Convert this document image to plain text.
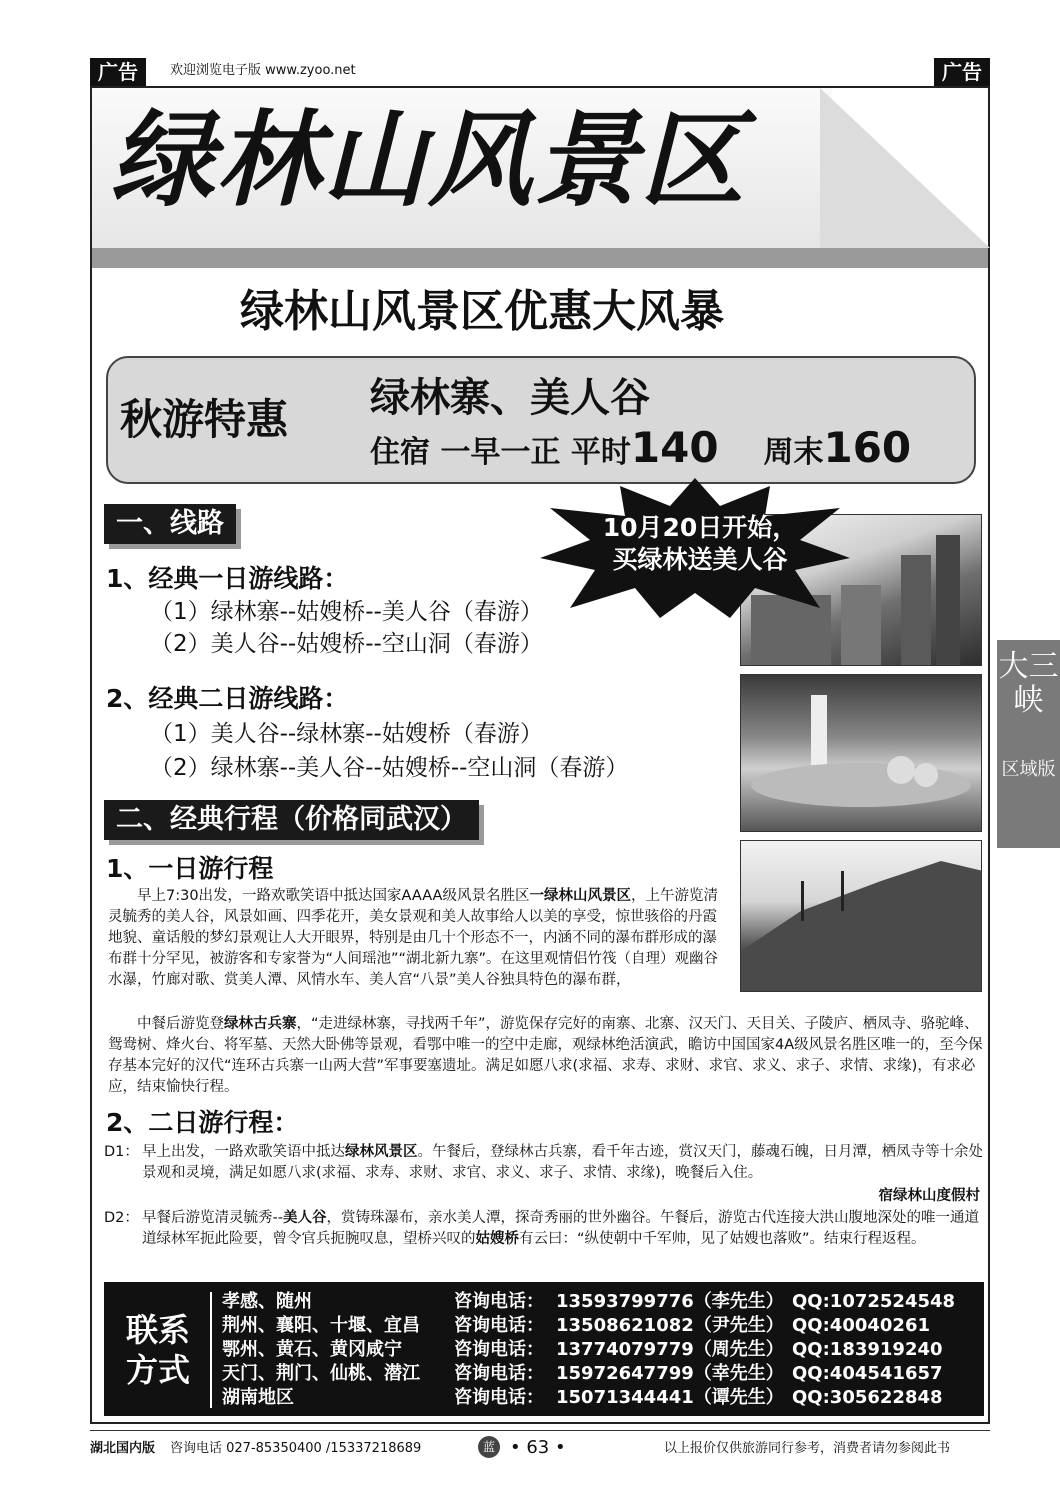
广告	欢迎浏览电子版 www.zyoo.net	广告
绿林山风景区
绿林山风景区优惠大风暴
秋游特惠 绿林寨、美人谷
住宿 一早一正 平时140 周末160
10月20日开始，
买绿林送美人谷
一、线路
1、经典一日游线路：
（1）绿林寨--姑嫂桥--美人谷（春游）
（2）美人谷--姑嫂桥--空山洞（春游）
2、经典二日游线路：
（1）美人谷--绿林寨--姑嫂桥（春游）
（2）绿林寨--美人谷--姑嫂桥--空山洞（春游）
二、经典行程（价格同武汉）
1、一日游行程
早上7:30出发，一路欢歌笑语中抵达国家AAAA级风景名胜区一绿林山风景区，上午游览清灵毓秀的美人谷，风景如画、四季花开，美女景观和美人故事给人以美的享受，惊世骇俗的丹霞地貌、童话般的梦幻景观让人大开眼界，特别是由几十个形态不一，内涵不同的瀑布群形成的瀑布群十分罕见，被游客和专家誉为“人间瑶池”“湖北新九寨”。在这里观情侣竹筏（自理）观幽谷水瀑，竹廊对歌、赏美人潭、风情水车、美人宫“八景”美人谷独具特色的瀑布群，
中餐后游览登绿林古兵寨，“走进绿林寨，寻找两千年”，游览保存完好的南寨、北寨、汉天门、天目关、子陵庐、栖凤寺、骆驼峰、鸳鸯树、烽火台、将军墓、天然大卧佛等景观，看鄂中唯一的空中走廊，观绿林绝活演武，瞻访中国国家4A级风景名胜区唯一的，至今保存基本完好的汉代“连环古兵寨一山两大营”军事要塞遗址。满足如愿八求(求福、求寿、求财、求官、求义、求子、求情、求缘)，有求必应，结束愉快行程。
2、二日游行程：
D1： 早上出发，一路欢歌笑语中抵达绿林风景区。午餐后，登绿林古兵寨，看千年古迹，赏汉天门，藤魂石魄，日月潭，栖凤寺等十余处景观和灵境，满足如愿八求(求福、求寿、求财、求官、求义、求子、求情、求缘)，晚餐后入住。
宿绿林山度假村
D2： 早餐后游览清灵毓秀--美人谷，赏铸珠瀑布，亲水美人潭，探奇秀丽的世外幽谷。午餐后，游览古代连接大洪山腹地深处的唯一通道道绿林军扼此险要，曾令官兵扼腕叹息，望桥兴叹的姑嫂桥有云曰：“纵使朝中千军帅，见了姑嫂也落败”。结束行程返程。
大三峡
区域版
联系方式
孝感、随州	咨询电话： 13593799776（李先生） QQ:1072524548
荆州、襄阳、十堰、宜昌 咨询电话： 13508621082（尹先生） QQ:40040261
鄂州、黄石、黄冈咸宁	咨询电话： 13774079779（周先生） QQ:183919240
天门、荆门、仙桃、潜江 咨询电话： 15972647799（幸先生） QQ:404541657
湖南地区	咨询电话： 15071344441（谭先生） QQ:305622848
湖北国内版 咨询电话 027-85350400 /15337218689	蓝 • 63 •	以上报价仅供旅游同行参考，消费者请勿参阅此书
